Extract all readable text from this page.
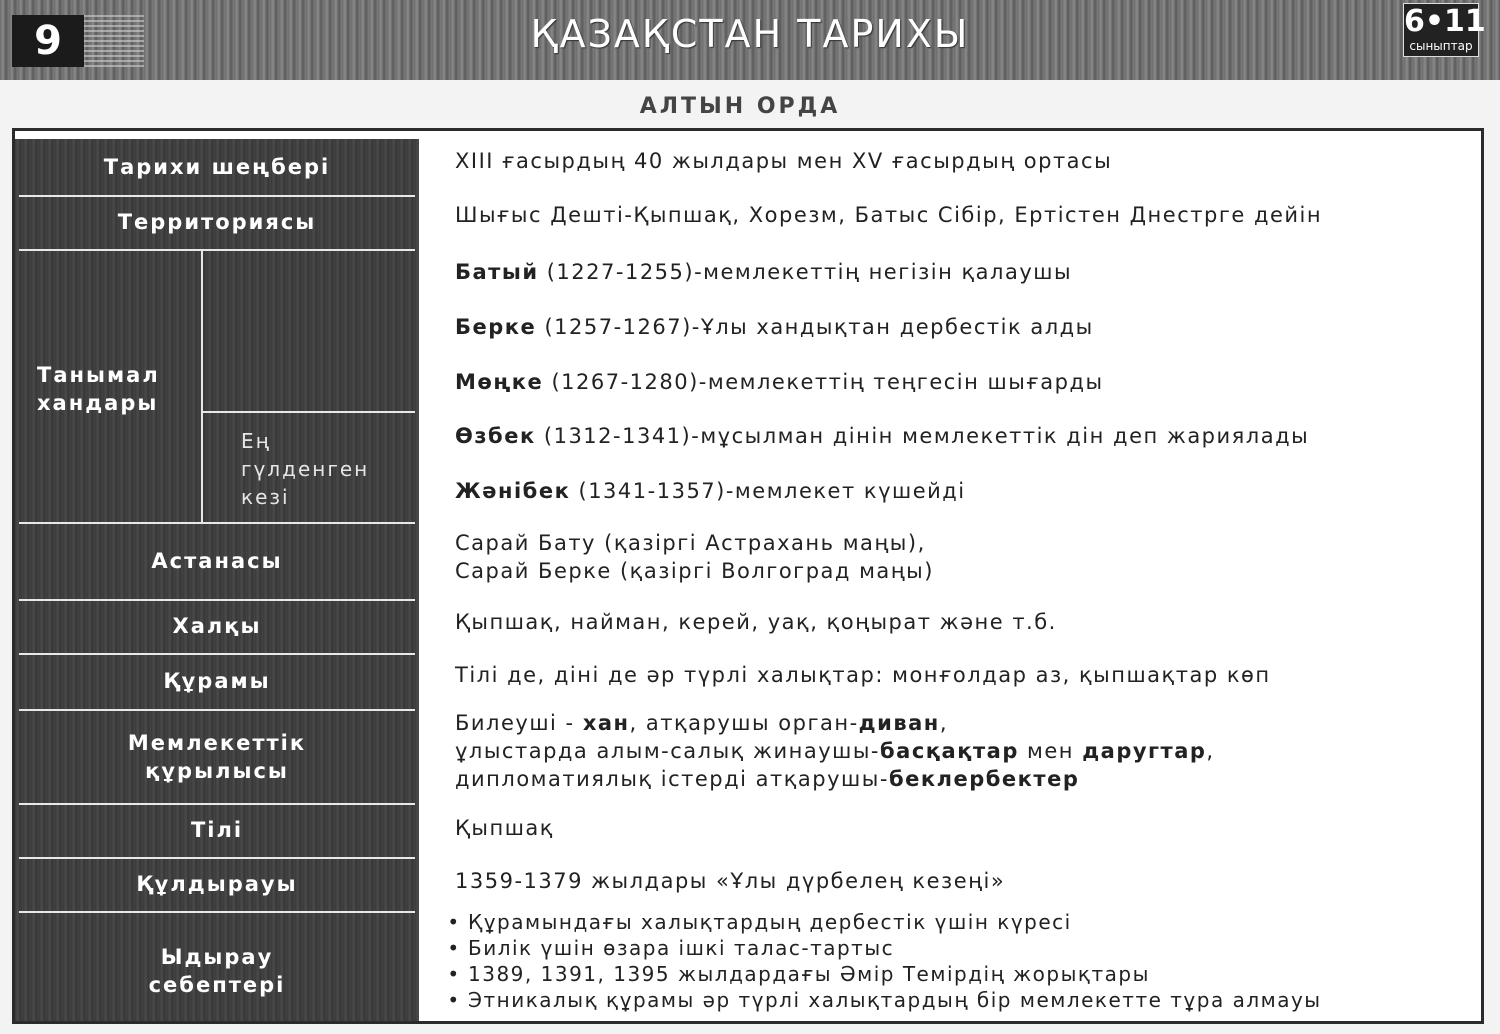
9	ҚАЗАҚСТАН ТАРИХЫ	6•11
сыныптар
АЛТЫН ОРДА
Тарихи шеңбері
Территориясы
Танымал хандары
Ең гүлденген кезі
Астанасы
Халқы
Құрамы
Мемлекеттік құрылысы
Тілі
Құлдырауы
Ыдырау себептері
XIII ғасырдың 40 жылдары мен XV ғасырдың ортасы
Шығыс Дешті-Қыпшақ, Хорезм, Батыс Сібір, Ертістен Днестрге дейін
Батый (1227-1255)-мемлекеттің негізін қалаушы
Берке (1257-1267)-Ұлы хандықтан дербестік алды
Мөңке (1267-1280)-мемлекеттің теңгесін шығарды
Өзбек (1312-1341)-мұсылман дінін мемлекеттік дін деп жариялады
Жәнібек (1341-1357)-мемлекет күшейді
Сарай Бату (қазіргі Астрахань маңы),
Сарай Берке (қазіргі Волгоград маңы)
Қыпшақ, найман, керей, уақ, қоңырат және т.б.
Тілі де, діні де әр түрлі халықтар: монғолдар аз, қыпшақтар көп
Билеуші - хан, атқарушы орган-диван,
ұлыстарда алым-салық жинаушы-басқақтар мен даругтар,
дипломатиялық істерді атқарушы-беклербектер
Қыпшақ
1359-1379 жылдары «Ұлы дүрбелең кезеңі»
• Құрамындағы халықтардың дербестік үшін күресі
• Билік үшін өзара ішкі талас-тартыс
• 1389, 1391, 1395 жылдардағы Әмір Темірдің жорықтары
• Этникалық құрамы әр түрлі халықтардың бір мемлекетте тұра алмауы
